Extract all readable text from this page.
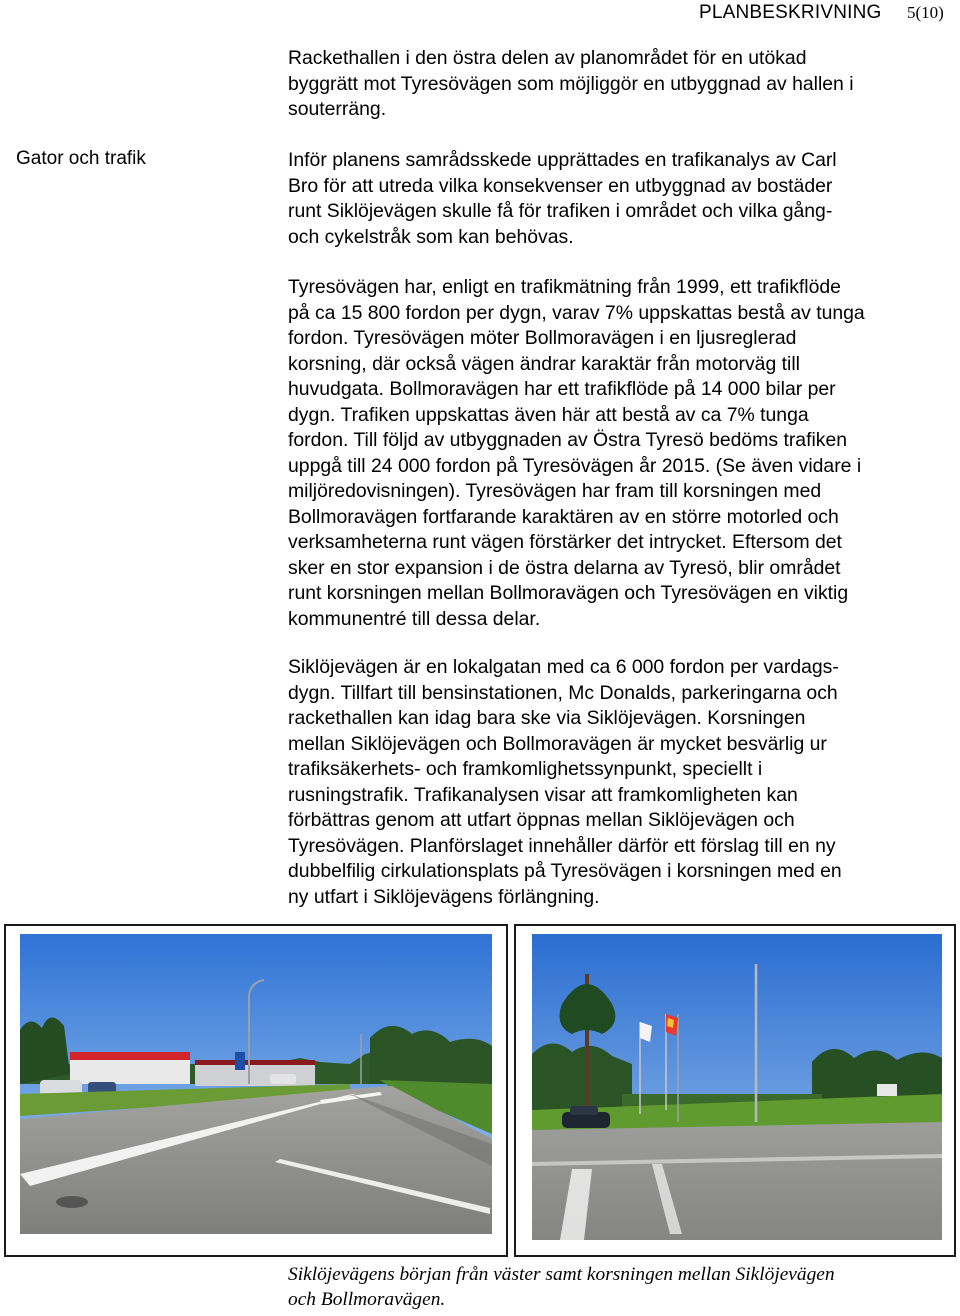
PLANBESKRIVNING 5(10)
Gator och trafik

Rackethallen i den östra delen av planområdet för en utökad
byggrätt mot Tyresövägen som möjliggör en utbyggnad av hallen i
souterräng.

Inför planens samrådsskede upprättades en trafikanalys av Carl
Bro för att utreda vilka konsekvenser en utbyggnad av bostäder
runt Siklöjevägen skulle få för trafiken i området och vilka gång-
och cykelstråk som kan behövas.

Tyresövägen har, enligt en trafikmätning från 1999, ett trafikflöde
på ca 15 800 fordon per dygn, varav 7% uppskattas bestå av tunga
fordon. Tyresövägen möter Bollmoravägen i en ljusreglerad
korsning, där också vägen ändrar karaktär från motorväg till
huvudgata. Bollmoravägen har ett trafikflöde på 14 000 bilar per
dygn. Trafiken uppskattas även här att bestå av ca 7% tunga
fordon. Till följd av utbyggnaden av Östra Tyresö bedöms trafiken
uppgå till 24 000 fordon på Tyresövägen år 2015. (Se även vidare i
miljöredovisningen). Tyresövägen har fram till korsningen med
Bollmoravägen fortfarande karaktären av en större motorled och
verksamheterna runt vägen förstärker det intrycket. Eftersom det
sker en stor expansion i de östra delarna av Tyresö, blir området
runt korsningen mellan Bollmoravägen och Tyresövägen en viktig
kommunentré till dessa delar.

Siklöjevägen är en lokalgatan med ca 6 000 fordon per vardags-
dygn. Tillfart till bensinstationen, Mc Donalds, parkeringarna och
rackethallen kan idag bara ske via Siklöjevägen. Korsningen
mellan Siklöjevägen och Bollmoravägen är mycket besvärlig ur
trafiksäkerhets- och framkomlighetssynpunkt, speciellt i
rusningstrafik. Trafikanalysen visar att framkomligheten kan
förbättras genom att utfart öppnas mellan Siklöjevägen och
Tyresövägen. Planförslaget innehåller därför ett förslag till en ny
dubbelfilig cirkulationsplats på Tyresövägen i korsningen med en
ny utfart i Siklöjevägens förlängning.

Siklöjevägens början från väster samt korsningen mellan Siklöjevägen
och Bollmoravägen.
